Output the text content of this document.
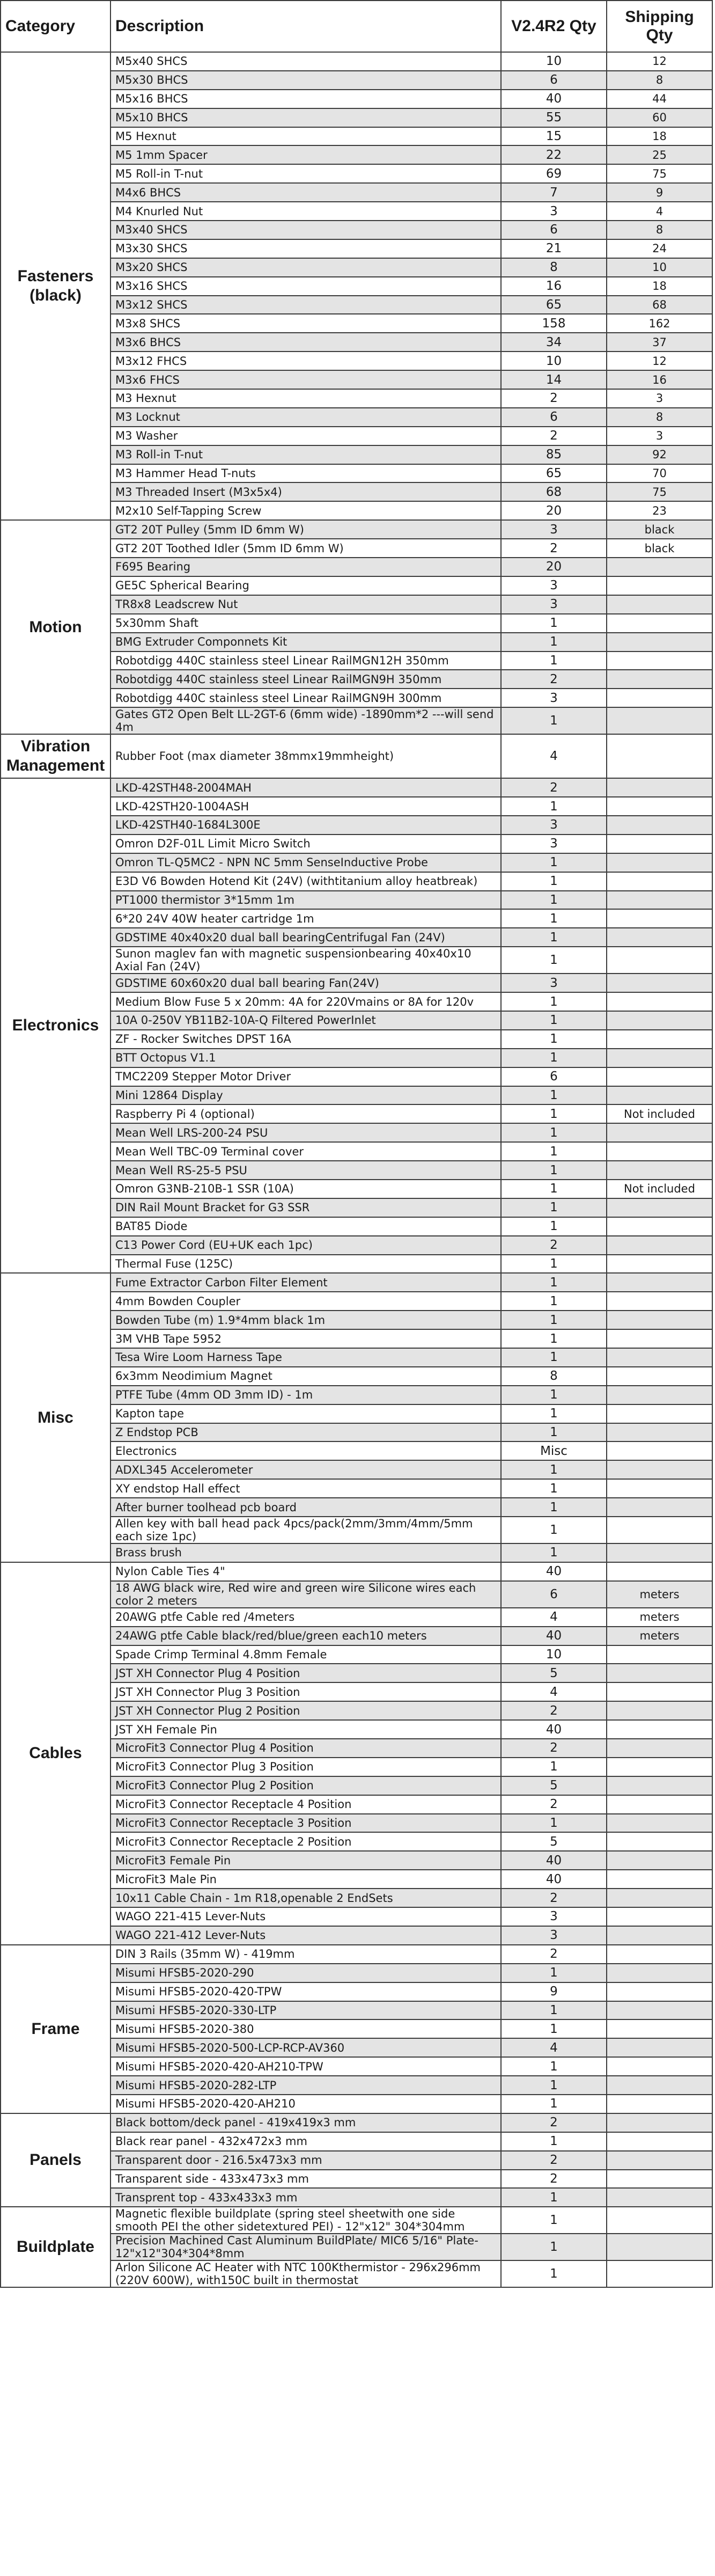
Category	Description	V2.4R2 Qty	Shipping Qty
Fasteners
(black)	M5x40 SHCS	10	12
	M5x30 BHCS	6	8
	M5x16 BHCS	40	44
	M5x10 BHCS	55	60
	M5 Hexnut	15	18
	M5 1mm Spacer	22	25
	M5 Roll-in T-nut	69	75
	M4x6 BHCS	7	9
	M4 Knurled Nut	3	4
	M3x40 SHCS	6	8
	M3x30 SHCS	21	24
	M3x20 SHCS	8	10
	M3x16 SHCS	16	18
	M3x12 SHCS	65	68
	M3x8 SHCS	158	162
	M3x6 BHCS	34	37
	M3x12 FHCS	10	12
	M3x6 FHCS	14	16
	M3 Hexnut	2	3
	M3 Locknut	6	8
	M3 Washer	2	3
	M3 Roll-in T-nut	85	92
	M3 Hammer Head T-nuts	65	70
	M3 Threaded Insert (M3x5x4)	68	75
	M2x10 Self-Tapping Screw	20	23
Motion	GT2 20T Pulley (5mm ID 6mm W)	3	black
	GT2 20T Toothed Idler (5mm ID 6mm W)	2	black
	F695 Bearing	20	
	GE5C Spherical Bearing	3	
	TR8x8 Leadscrew Nut	3	
	5x30mm Shaft	1	
	BMG Extruder Componnets Kit	1	
	Robotdigg 440C stainless steel Linear RailMGN12H 350mm	1	
	Robotdigg 440C stainless steel Linear RailMGN9H 350mm	2	
	Robotdigg 440C stainless steel Linear RailMGN9H 300mm	3	
	Gates GT2 Open Belt LL-2GT-6 (6mm wide) -1890mm*2 ---will send 4m	1	
Vibration
Management	Rubber Foot (max diameter 38mmx19mmheight)	4	
Electronics	LKD-42STH48-2004MAH	2	
	LKD-42STH20-1004ASH	1	
	LKD-42STH40-1684L300E	3	
	Omron D2F-01L Limit Micro Switch	3	
	Omron TL-Q5MC2 - NPN NC 5mm SenseInductive Probe	1	
	E3D V6 Bowden Hotend Kit (24V) (withtitanium alloy heatbreak)	1	
	PT1000 thermistor 3*15mm 1m	1	
	6*20 24V 40W heater cartridge 1m	1	
	GDSTIME 40x40x20 dual ball bearingCentrifugal Fan (24V)	1	
	Sunon maglev fan with magnetic suspensionbearing 40x40x10 Axial Fan (24V)	1	
	GDSTIME 60x60x20 dual ball bearing Fan(24V)	3	
	Medium Blow Fuse 5 x 20mm: 4A for 220Vmains or 8A for 120v	1	
	10A 0-250V YB11B2-10A-Q Filtered PowerInlet	1	
	ZF - Rocker Switches DPST 16A	1	
	BTT Octopus V1.1	1	
	TMC2209 Stepper Motor Driver	6	
	Mini 12864 Display	1	
	Raspberry Pi 4 (optional)	1	Not included
	Mean Well LRS-200-24 PSU	1	
	Mean Well TBC-09 Terminal cover	1	
	Mean Well RS-25-5 PSU	1	
	Omron G3NB-210B-1 SSR (10A)	1	Not included
	DIN Rail Mount Bracket for G3 SSR	1	
	BAT85 Diode	1	
	C13 Power Cord (EU+UK each 1pc)	2	
	Thermal Fuse (125C)	1	
Misc	Fume Extractor Carbon Filter Element	1	
	4mm Bowden Coupler	1	
	Bowden Tube (m) 1.9*4mm black 1m	1	
	3M VHB Tape 5952	1	
	Tesa Wire Loom Harness Tape	1	
	6x3mm Neodimium Magnet	8	
	PTFE Tube (4mm OD 3mm ID) - 1m	1	
	Kapton tape	1	
	Z Endstop PCB	1	
	Electronics	Misc	
	ADXL345 Accelerometer	1	
	XY endstop Hall effect	1	
	After burner toolhead pcb board	1	
	Allen key with ball head pack 4pcs/pack(2mm/3mm/4mm/5mm each size 1pc)	1	
	Brass brush	1	
Cables	Nylon Cable Ties 4"	40	
	18 AWG black wire, Red wire and green wire Silicone wires each color 2 meters	6	meters
	20AWG ptfe Cable red /4meters	4	meters
	24AWG ptfe Cable black/red/blue/green each10 meters	40	meters
	Spade Crimp Terminal 4.8mm Female	10	
	JST XH Connector Plug 4 Position	5	
	JST XH Connector Plug 3 Position	4	
	JST XH Connector Plug 2 Position	2	
	JST XH Female Pin	40	
	MicroFit3 Connector Plug 4 Position	2	
	MicroFit3 Connector Plug 3 Position	1	
	MicroFit3 Connector Plug 2 Position	5	
	MicroFit3 Connector Receptacle 4 Position	2	
	MicroFit3 Connector Receptacle 3 Position	1	
	MicroFit3 Connector Receptacle 2 Position	5	
	MicroFit3 Female Pin	40	
	MicroFit3 Male Pin	40	
	10x11 Cable Chain - 1m R18,openable 2 EndSets	2	
	WAGO 221-415 Lever-Nuts	3	
	WAGO 221-412 Lever-Nuts	3	
Frame	DIN 3 Rails (35mm W) - 419mm	2	
	Misumi HFSB5-2020-290	1	
	Misumi HFSB5-2020-420-TPW	9	
	Misumi HFSB5-2020-330-LTP	1	
	Misumi HFSB5-2020-380	1	
	Misumi HFSB5-2020-500-LCP-RCP-AV360	4	
	Misumi HFSB5-2020-420-AH210-TPW	1	
	Misumi HFSB5-2020-282-LTP	1	
	Misumi HFSB5-2020-420-AH210	1	
Panels	Black bottom/deck panel - 419x419x3 mm	2	
	Black rear panel - 432x472x3 mm	1	
	Transparent door - 216.5x473x3 mm	2	
	Transparent side - 433x473x3 mm	2	
	Transprent top - 433x433x3 mm	1	
Buildplate	Magnetic flexible buildplate (spring steel sheetwith one side smooth PEI the other sidetextured PEI) - 12"x12" 304*304mm	1	
	Precision Machined Cast Aluminum BuildPlate/ MIC6 5/16" Plate- 12"x12"304*304*8mm	1	
	Arlon Silicone AC Heater with NTC 100Kthermistor - 296x296mm (220V 600W), with150C built in thermostat	1	
